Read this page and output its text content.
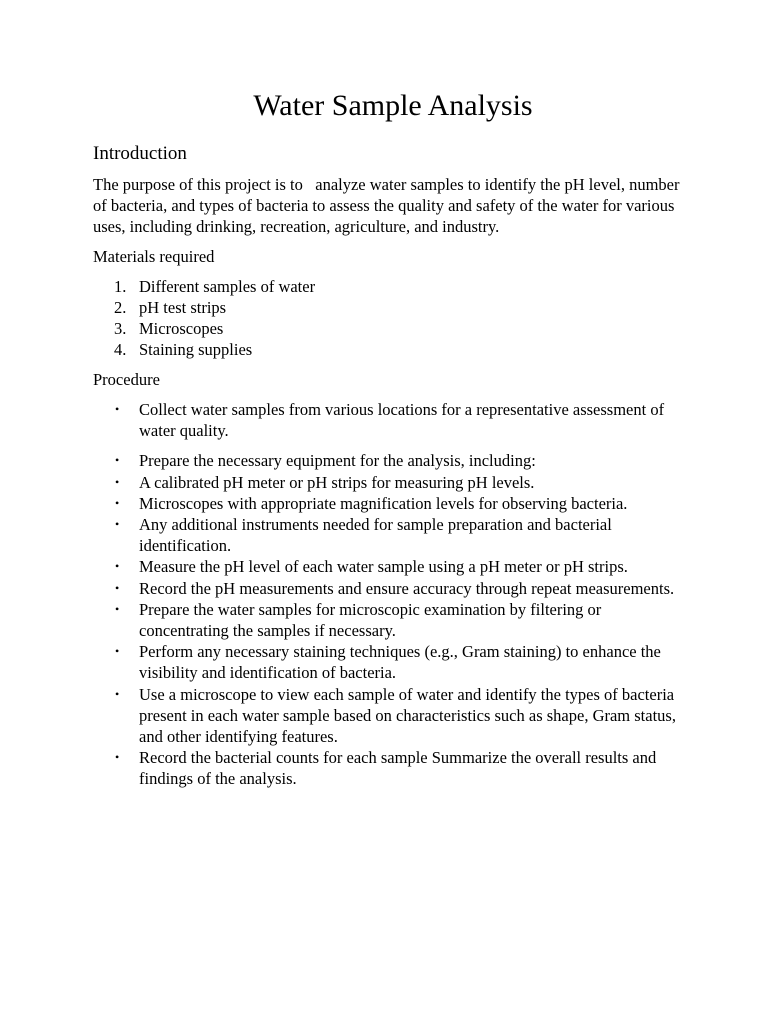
Water Sample Analysis
Introduction

The purpose of this project is to   analyze water samples to identify the pH level, number of bacteria, and types of bacteria to assess the quality and safety of the water for various uses, including drinking, recreation, agriculture, and industry.

Materials required

1. Different samples of water
2. pH test strips
3. Microscopes
4. Staining supplies

Procedure

• Collect water samples from various locations for a representative assessment of water quality.
• Prepare the necessary equipment for the analysis, including:
• A calibrated pH meter or pH strips for measuring pH levels.
• Microscopes with appropriate magnification levels for observing bacteria.
• Any additional instruments needed for sample preparation and bacterial identification.
• Measure the pH level of each water sample using a pH meter or pH strips.
• Record the pH measurements and ensure accuracy through repeat measurements.
• Prepare the water samples for microscopic examination by filtering or concentrating the samples if necessary.
• Perform any necessary staining techniques (e.g., Gram staining) to enhance the visibility and identification of bacteria.
• Use a microscope to view each sample of water and identify the types of bacteria present in each water sample based on characteristics such as shape, Gram status, and other identifying features.
• Record the bacterial counts for each sample Summarize the overall results and findings of the analysis.
